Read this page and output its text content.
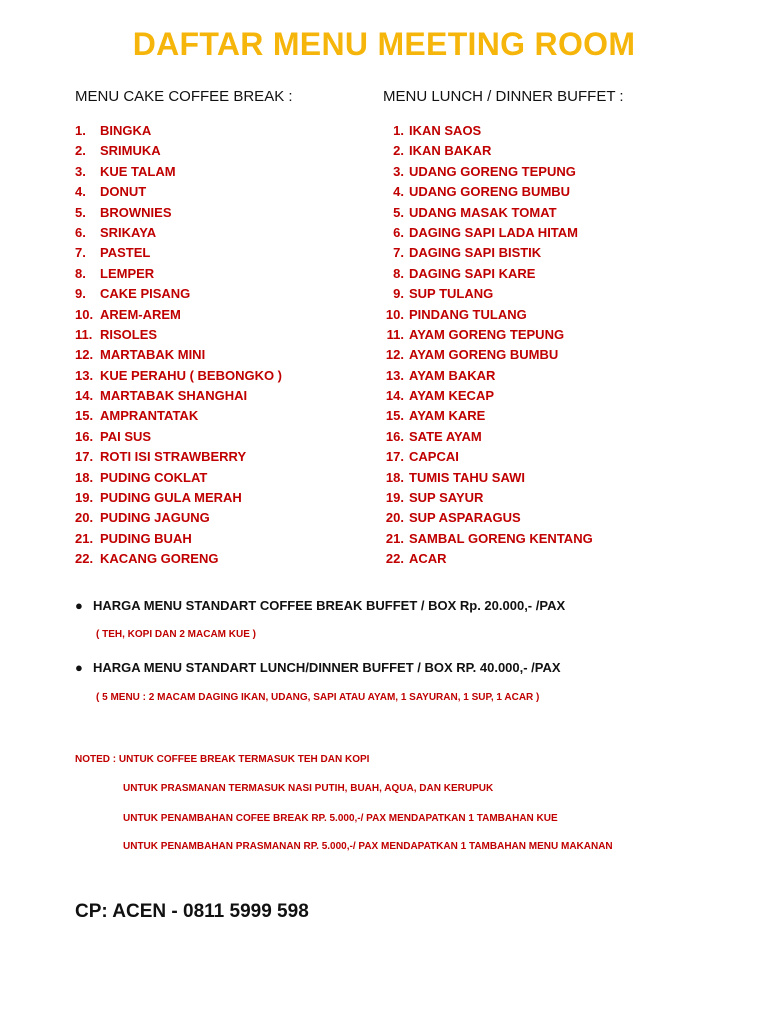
DAFTAR MENU MEETING ROOM
MENU CAKE COFFEE BREAK :	MENU LUNCH / DINNER BUFFET :
1. BINGKA
2. SRIMUKA
3. KUE TALAM
4. DONUT
5. BROWNIES
6. SRIKAYA
7. PASTEL
8. LEMPER
9. CAKE PISANG
10. AREM-AREM
11. RISOLES
12. MARTABAK MINI
13. KUE PERAHU ( BEBONGKO )
14. MARTABAK SHANGHAI
15. AMPRANTATAK
16. PAI SUS
17. ROTI ISI STRAWBERRY
18. PUDING COKLAT
19. PUDING GULA MERAH
20. PUDING JAGUNG
21. PUDING BUAH
22. KACANG GORENG
1. IKAN SAOS
2. IKAN BAKAR
3. UDANG GORENG TEPUNG
4. UDANG GORENG BUMBU
5. UDANG MASAK TOMAT
6. DAGING SAPI LADA HITAM
7. DAGING SAPI BISTIK
8. DAGING SAPI KARE
9. SUP TULANG
10. PINDANG TULANG
11. AYAM GORENG TEPUNG
12. AYAM GORENG BUMBU
13. AYAM BAKAR
14. AYAM KECAP
15. AYAM KARE
16. SATE AYAM
17. CAPCAI
18. TUMIS TAHU SAWI
19. SUP SAYUR
20. SUP ASPARAGUS
21. SAMBAL GORENG KENTANG
22. ACAR
● HARGA MENU STANDART COFFEE BREAK BUFFET / BOX Rp. 20.000,- /PAX
( TEH, KOPI DAN 2 MACAM KUE )
● HARGA MENU STANDART LUNCH/DINNER BUFFET / BOX RP. 40.000,- /PAX
( 5 MENU : 2 MACAM DAGING IKAN, UDANG, SAPI ATAU AYAM, 1 SAYURAN, 1 SUP, 1 ACAR )
NOTED : UNTUK COFFEE BREAK TERMASUK TEH DAN KOPI
UNTUK PRASMANAN TERMASUK NASI PUTIH, BUAH, AQUA, DAN KERUPUK
UNTUK PENAMBAHAN COFEE BREAK RP. 5.000,-/ PAX MENDAPATKAN 1 TAMBAHAN KUE
UNTUK PENAMBAHAN PRASMANAN RP. 5.000,-/ PAX MENDAPATKAN 1 TAMBAHAN MENU MAKANAN
CP: ACEN - 0811 5999 598
